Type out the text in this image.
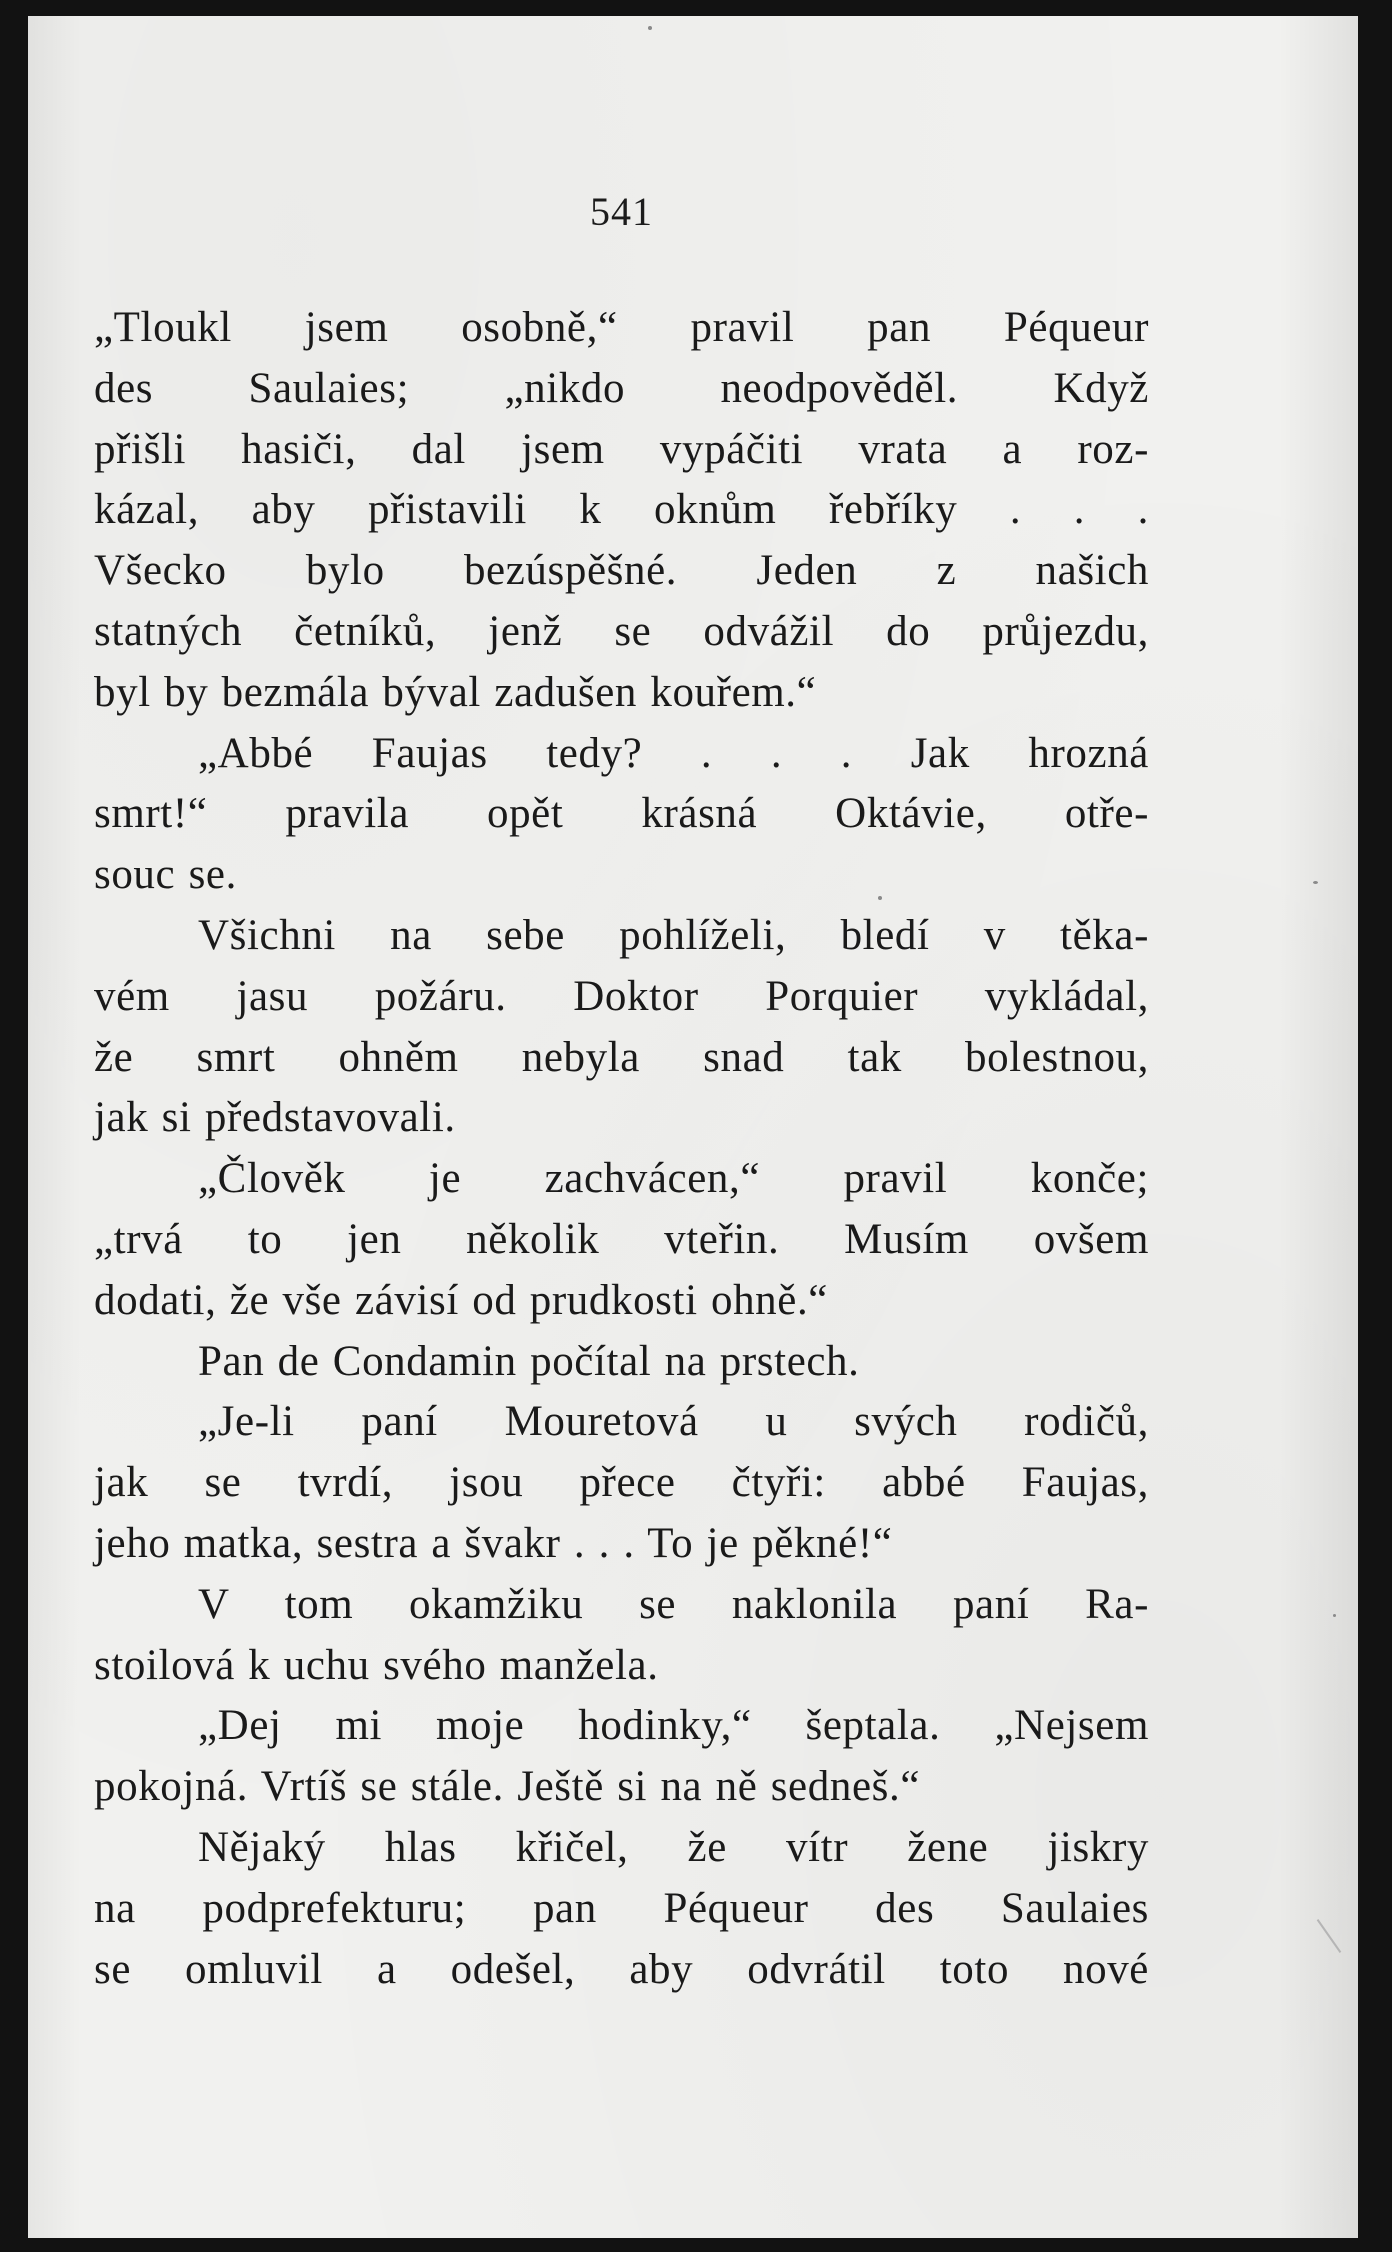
541
„Tloukl jsem osobně,“ pravil pan Péqueur
des Saulaies; „nikdo neodpověděl. Když
přišli hasiči, dal jsem vypáčiti vrata a roz-
kázal, aby přistavili k oknům řebříky . . .
Všecko bylo bezúspěšné. Jeden z našich
statných četníků, jenž se odvážil do průjezdu,
byl by bezmála býval zadušen kouřem.“
„Abbé Faujas tedy? . . . Jak hrozná
smrt!“ pravila opět krásná Oktávie, otře-
souc se.
Všichni na sebe pohlíželi, bledí v těka-
vém jasu požáru. Doktor Porquier vykládal,
že smrt ohněm nebyla snad tak bolestnou,
jak si představovali.
„Člověk je zachvácen,“ pravil konče;
„trvá to jen několik vteřin. Musím ovšem
dodati, že vše závisí od prudkosti ohně.“
Pan de Condamin počítal na prstech.
„Je-li paní Mouretová u svých rodičů,
jak se tvrdí, jsou přece čtyři: abbé Faujas,
jeho matka, sestra a švakr . . . To je pěkné!“
V tom okamžiku se naklonila paní Ra-
stoilová k uchu svého manžela.
„Dej mi moje hodinky,“ šeptala. „Nejsem
pokojná. Vrtíš se stále. Ještě si na ně sedneš.“
Nějaký hlas křičel, že vítr žene jiskry
na podprefekturu; pan Péqueur des Saulaies
se omluvil a odešel, aby odvrátil toto nové
